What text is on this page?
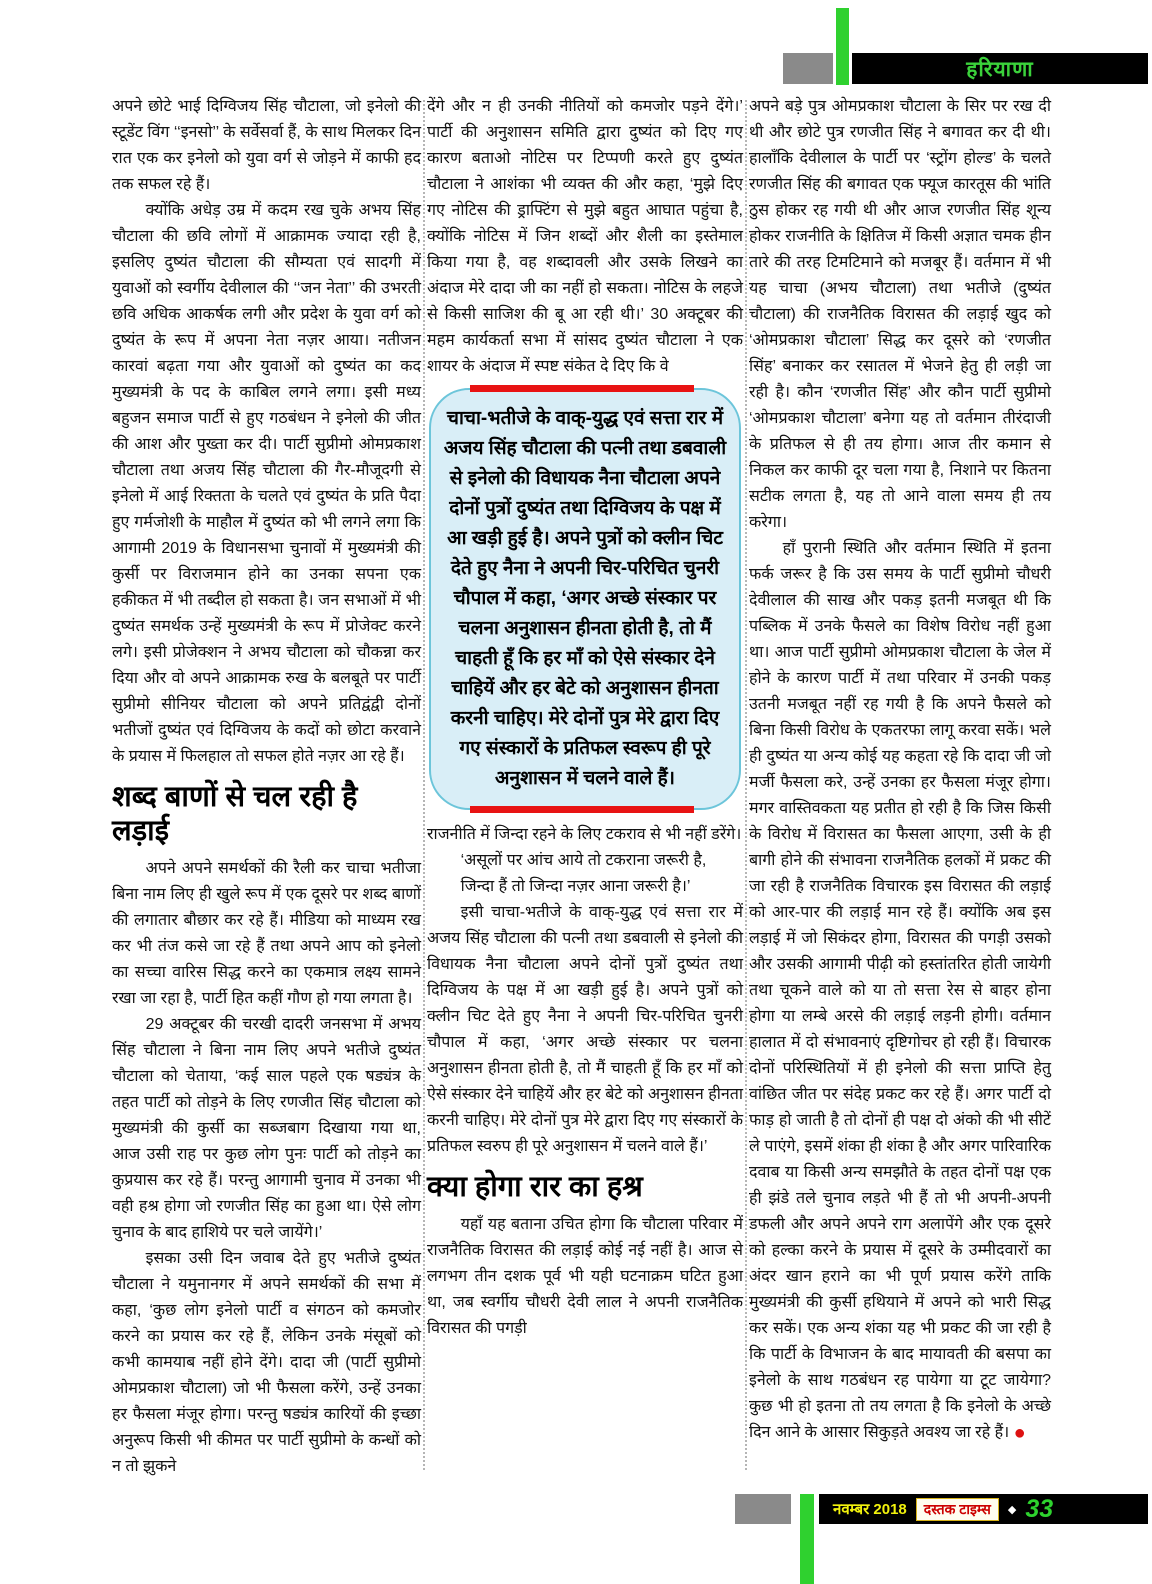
हरियाणा

अपने छोटे भाई दिग्विजय सिंह चौटाला, जो इनेलो की स्टूडेंट विंग ‘‘इनसो’’ के सर्वेसर्वा हैं, के साथ मिलकर दिन रात एक कर इनेलो को युवा वर्ग से जोड़ने में काफी हद तक सफल रहे हैं।

क्योंकि अधेड़ उम्र में कदम रख चुके अभय सिंह चौटाला की छवि लोगों में आक्रामक ज्यादा रही है, इसलिए दुष्यंत चौटाला की सौम्यता एवं सादगी में युवाओं को स्वर्गीय देवीलाल की ‘‘जन नेता’’ की उभरती छवि अधिक आकर्षक लगी और प्रदेश के युवा वर्ग को दुष्यंत के रूप में अपना नेता नज़र आया। नतीजन कारवां बढ़ता गया और युवाओं को दुष्यंत का कद मुख्यमंत्री के पद के काबिल लगने लगा। इसी मध्य बहुजन समाज पार्टी से हुए गठबंधन ने इनेलो की जीत की आश और पुख्ता कर दी। पार्टी सुप्रीमो ओमप्रकाश चौटाला तथा अजय सिंह चौटाला की गैर-मौजूदगी से इनेलो में आई रिक्तता के चलते एवं दुष्यंत के प्रति पैदा हुए गर्मजोशी के माहौल में दुष्यंत को भी लगने लगा कि आगामी 2019 के विधानसभा चुनावों में मुख्यमंत्री की कुर्सी पर विराजमान होने का उनका सपना एक हकीकत में भी तब्दील हो सकता है। जन सभाओं में भी दुष्यंत समर्थक उन्हें मुख्यमंत्री के रूप में प्रोजेक्ट करने लगे। इसी प्रोजेक्शन ने अभय चौटाला को चौकन्ना कर दिया और वो अपने आक्रामक रुख के बलबूते पर पार्टी सुप्रीमो सीनियर चौटाला को अपने प्रतिद्वंद्वी दोनों भतीजों दुष्यंत एवं दिग्विजय के कदों को छोटा करवाने के प्रयास में फिलहाल तो सफल होते नज़र आ रहे हैं।

शब्द बाणों से चल रही है लड़ाई

अपने अपने समर्थकों की रैली कर चाचा भतीजा बिना नाम लिए ही खुले रूप में एक दूसरे पर शब्द बाणों की लगातार बौछार कर रहे हैं। मीडिया को माध्यम रख कर भी तंज कसे जा रहे हैं तथा अपने आप को इनेलो का सच्चा वारिस सिद्ध करने का एकमात्र लक्ष्य सामने रखा जा रहा है, पार्टी हित कहीं गौण हो गया लगता है।

29 अक्टूबर की चरखी दादरी जनसभा में अभय सिंह चौटाला ने बिना नाम लिए अपने भतीजे दुष्यंत चौटाला को चेताया, ‘कई साल पहले एक षड्यंत्र के तहत पार्टी को तोड़ने के लिए रणजीत सिंह चौटाला को मुख्यमंत्री की कुर्सी का सब्जबाग दिखाया गया था, आज उसी राह पर कुछ लोग पुनः पार्टी को तोड़ने का कुप्रयास कर रहे हैं। परन्तु आगामी चुनाव में उनका भी वही हश्र होगा जो रणजीत सिंह का हुआ था। ऐसे लोग चुनाव के बाद हाशिये पर चले जायेंगे।’

इसका उसी दिन जवाब देते हुए भतीजे दुष्यंत चौटाला ने यमुनानगर में अपने समर्थकों की सभा में कहा, ‘कुछ लोग इनेलो पार्टी व संगठन को कमजोर करने का प्रयास कर रहे हैं, लेकिन उनके मंसूबों को कभी कामयाब नहीं होने देंगे। दादा जी (पार्टी सुप्रीमो ओमप्रकाश चौटाला) जो भी फैसला करेंगे, उन्हें उनका हर फैसला मंजूर होगा। परन्तु षड्यंत्र कारियों की इच्छा अनुरूप किसी भी कीमत पर पार्टी सुप्रीमो के कन्धों को न तो झुकने

देंगे और न ही उनकी नीतियों को कमजोर पड़ने देंगे।’ पार्टी की अनुशासन समिति द्वारा दुष्यंत को दिए गए कारण बताओ नोटिस पर टिप्पणी करते हुए दुष्यंत चौटाला ने आशंका भी व्यक्त की और कहा, ‘मुझे दिए गए नोटिस की ड्राफ्टिंग से मुझे बहुत आघात पहुंचा है, क्योंकि नोटिस में जिन शब्दों और शैली का इस्तेमाल किया गया है, वह शब्दावली और उसके लिखने का अंदाज मेरे दादा जी का नहीं हो सकता। नोटिस के लहजे से किसी साजिश की बू आ रही थी।’ 30 अक्टूबर की महम कार्यकर्ता सभा में सांसद दुष्यंत चौटाला ने एक शायर के अंदाज में स्पष्ट संकेत दे दिए कि वे

चाचा-भतीजे के वाक्-युद्ध एवं सत्ता रार में अजय सिंह चौटाला की पत्नी तथा डबवाली से इनेलो की विधायक नैना चौटाला अपने दोनों पुत्रों दुष्यंत तथा दिग्विजय के पक्ष में आ खड़ी हुई है। अपने पुत्रों को क्लीन चिट देते हुए नैना ने अपनी चिर-परिचित चुनरी चौपाल में कहा, ‘अगर अच्छे संस्कार पर चलना अनुशासन हीनता होती है, तो मैं चाहती हूँ कि हर माँ को ऐसे संस्कार देने चाहियें और हर बेटे को अनुशासन हीनता करनी चाहिए। मेरे दोनों पुत्र मेरे द्वारा दिए गए संस्कारों के प्रतिफल स्वरूप ही पूरे अनुशासन में चलने वाले हैं।

राजनीति में जिन्दा रहने के लिए टकराव से भी नहीं डरेंगे।

‘असूलों पर आंच आये तो टकराना जरूरी है,

जिन्दा हैं तो जिन्दा नज़र आना जरूरी है।’

इसी चाचा-भतीजे के वाक्-युद्ध एवं सत्ता रार में अजय सिंह चौटाला की पत्नी तथा डबवाली से इनेलो की विधायक नैना चौटाला अपने दोनों पुत्रों दुष्यंत तथा दिग्विजय के पक्ष में आ खड़ी हुई है। अपने पुत्रों को क्लीन चिट देते हुए नैना ने अपनी चिर-परिचित चुनरी चौपाल में कहा, ‘अगर अच्छे संस्कार पर चलना अनुशासन हीनता होती है, तो मैं चाहती हूँ कि हर माँ को ऐसे संस्कार देने चाहियें और हर बेटे को अनुशासन हीनता करनी चाहिए। मेरे दोनों पुत्र मेरे द्वारा दिए गए संस्कारों के प्रतिफल स्वरुप ही पूरे अनुशासन में चलने वाले हैं।’

क्या होगा रार का हश्र

यहाँ यह बताना उचित होगा कि चौटाला परिवार में राजनैतिक विरासत की लड़ाई कोई नई नहीं है। आज से लगभग तीन दशक पूर्व भी यही घटनाक्रम घटित हुआ था, जब स्वर्गीय चौधरी देवी लाल ने अपनी राजनैतिक विरासत की पगड़ी

अपने बड़े पुत्र ओमप्रकाश चौटाला के सिर पर रख दी थी और छोटे पुत्र रणजीत सिंह ने बगावत कर दी थी। हालाँकि देवीलाल के पार्टी पर ‘स्ट्रोंग होल्ड’ के चलते रणजीत सिंह की बगावत एक फ्यूज कारतूस की भांति ठुस होकर रह गयी थी और आज रणजीत सिंह शून्य होकर राजनीति के क्षितिज में किसी अज्ञात चमक हीन तारे की तरह टिमटिमाने को मजबूर हैं। वर्तमान में भी यह चाचा (अभय चौटाला) तथा भतीजे (दुष्यंत चौटाला) की राजनैतिक विरासत की लड़ाई खुद को ‘ओमप्रकाश चौटाला’ सिद्ध कर दूसरे को ‘रणजीत सिंह’ बनाकर कर रसातल में भेजने हेतु ही लड़ी जा रही है। कौन ‘रणजीत सिंह’ और कौन पार्टी सुप्रीमो ‘ओमप्रकाश चौटाला’ बनेगा यह तो वर्तमान तीरंदाजी के प्रतिफल से ही तय होगा। आज तीर कमान से निकल कर काफी दूर चला गया है, निशाने पर कितना सटीक लगता है, यह तो आने वाला समय ही तय करेगा।

हाँ पुरानी स्थिति और वर्तमान स्थिति में इतना फर्क जरूर है कि उस समय के पार्टी सुप्रीमो चौधरी देवीलाल की साख और पकड़ इतनी मजबूत थी कि पब्लिक में उनके फैसले का विशेष विरोध नहीं हुआ था। आज पार्टी सुप्रीमो ओमप्रकाश चौटाला के जेल में होने के कारण पार्टी में तथा परिवार में उनकी पकड़ उतनी मजबूत नहीं रह गयी है कि अपने फैसले को बिना किसी विरोध के एकतरफा लागू करवा सकें। भले ही दुष्यंत या अन्य कोई यह कहता रहे कि दादा जी जो मर्जी फैसला करे, उन्हें उनका हर फैसला मंजूर होगा। मगर वास्तिवकता यह प्रतीत हो रही है कि जिस किसी के विरोध में विरासत का फैसला आएगा, उसी के ही बागी होने की संभावना राजनैतिक हलकों में प्रकट की जा रही है राजनैतिक विचारक इस विरासत की लड़ाई को आर-पार की लड़ाई मान रहे हैं। क्योंकि अब इस लड़ाई में जो सिकंदर होगा, विरासत की पगड़ी उसको और उसकी आगामी पीढ़ी को हस्तांतरित होती जायेगी तथा चूकने वाले को या तो सत्ता रेस से बाहर होना होगा या लम्बे अरसे की लड़ाई लड़नी होगी। वर्तमान हालात में दो संभावनाएं दृष्टिगोचर हो रही हैं। विचारक दोनों परिस्थितियों में ही इनेलो की सत्ता प्राप्ति हेतु वांछित जीत पर संदेह प्रकट कर रहे हैं। अगर पार्टी दो फाड़ हो जाती है तो दोनों ही पक्ष दो अंको की भी सीटें ले पाएंगे, इसमें शंका ही शंका है और अगर पारिवारिक दवाब या किसी अन्य समझौते के तहत दोनों पक्ष एक ही झंडे तले चुनाव लड़ते भी हैं तो भी अपनी-अपनी डफली और अपने अपने राग अलापेंगे और एक दूसरे को हल्का करने के प्रयास में दूसरे के उम्मीदवारों का अंदर खान हराने का भी पूर्ण प्रयास करेंगे ताकि मुख्यमंत्री की कुर्सी हथियाने में अपने को भारी सिद्ध कर सकें। एक अन्य शंका यह भी प्रकट की जा रही है कि पार्टी के विभाजन के बाद मायावती की बसपा का इनेलो के साथ गठबंधन रह पायेगा या टूट जायेगा? कुछ भी हो इतना तो तय लगता है कि इनेलो के अच्छे दिन आने के आसार सिकुड़ते अवश्य जा रहे हैं। ●

नवम्बर 2018	दस्तक टाइम्स	◆ 33
